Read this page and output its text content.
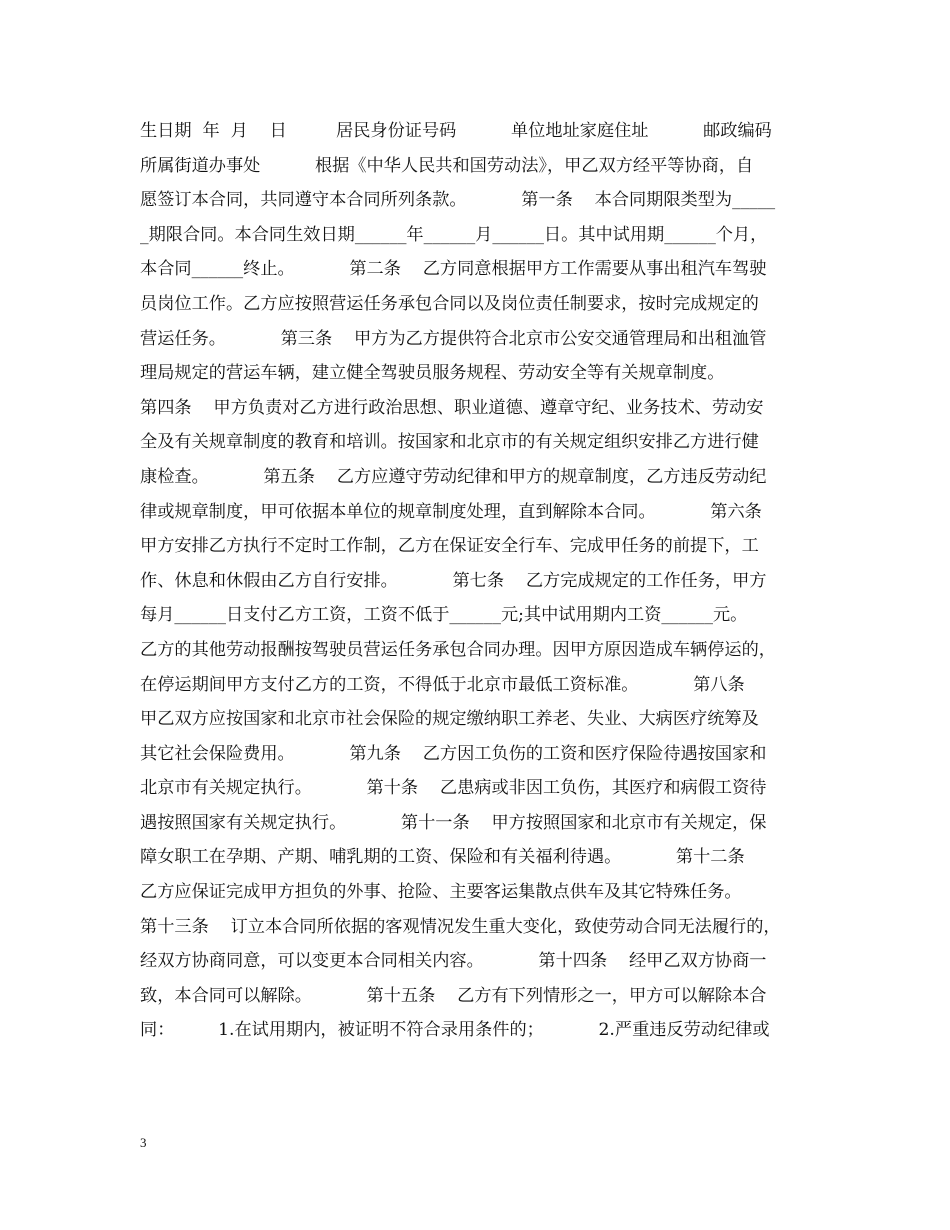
生日期  年  月    日         居民身份证号码          单位地址家庭住址          邮政编码
所属街道办事处          根据《中华人民共和国劳动法》，甲乙双方经平等协商，自
愿签订本合同，共同遵守本合同所列条款。          第一条    本合同期限类型为_____
_期限合同。本合同生效日期______年______月______日。其中试用期______个月，
本合同______终止。          第二条    乙方同意根据甲方工作需要从事出租汽车驾驶
员岗位工作。乙方应按照营运任务承包合同以及岗位责任制要求，按时完成规定的
营运任务。          第三条    甲方为乙方提供符合北京市公安交通管理局和出租洫管
理局规定的营运车辆，建立健全驾驶员服务规程、劳动安全等有关规章制度。
第四条    甲方负责对乙方进行政治思想、职业道德、遵章守纪、业务技术、劳动安
全及有关规章制度的教育和培训。按国家和北京市的有关规定组织安排乙方进行健
康检查。          第五条    乙方应遵守劳动纪律和甲方的规章制度，乙方违反劳动纪
律或规章制度，甲可依据本单位的规章制度处理，直到解除本合同。          第六条
甲方安排乙方执行不定时工作制，乙方在保证安全行车、完成甲任务的前提下，工
作、休息和休假由乙方自行安排。          第七条    乙方完成规定的工作任务，甲方
每月______日支付乙方工资，工资不低于______元;其中试用期内工资______元。
乙方的其他劳动报酬按驾驶员营运任务承包合同办理。因甲方原因造成车辆停运的，
在停运期间甲方支付乙方的工资，不得低于北京市最低工资标准。          第八条
甲乙双方应按国家和北京市社会保险的规定缴纳职工养老、失业、大病医疗统筹及
其它社会保险费用。          第九条    乙方因工负伤的工资和医疗保险待遇按国家和
北京市有关规定执行。          第十条    乙患病或非因工负伤，其医疗和病假工资待
遇按照国家有关规定执行。          第十一条    甲方按照国家和北京市有关规定，保
障女职工在孕期、产期、哺乳期的工资、保险和有关福利待遇。          第十二条
乙方应保证完成甲方担负的外事、抢险、主要客运集散点供车及其它特殊任务。
第十三条    订立本合同所依据的客观情况发生重大变化，致使劳动合同无法履行的，
经双方协商同意，可以变更本合同相关内容。          第十四条    经甲乙双方协商一
致，本合同可以解除。          第十五条    乙方有下列情形之一，甲方可以解除本合
同：        1.在试用期内，被证明不符合录用条件的；          2.严重违反劳动纪律或
3
